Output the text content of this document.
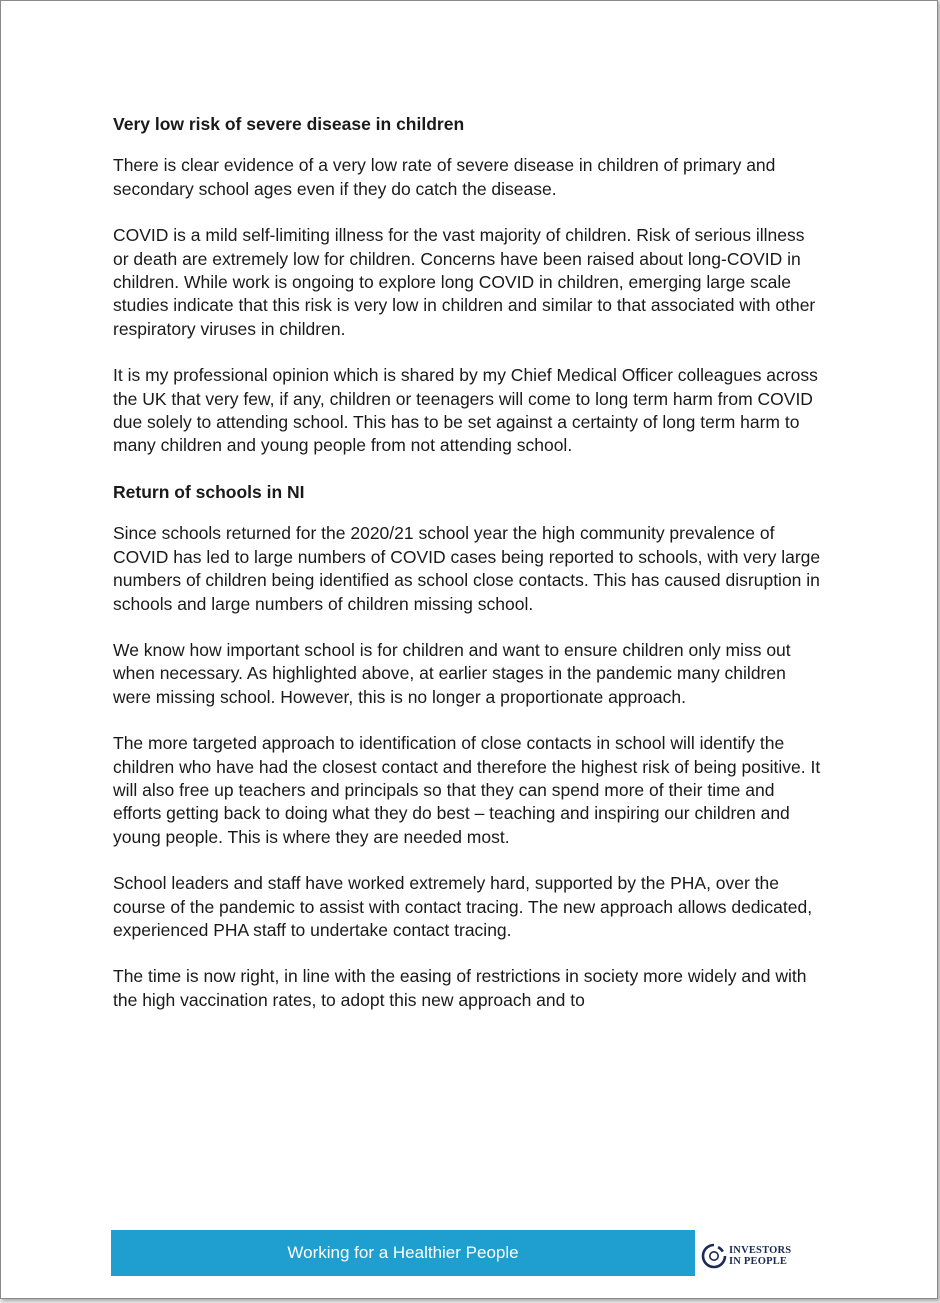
Very low risk of severe disease in children

There is clear evidence of a very low rate of severe disease in children of primary and secondary school ages even if they do catch the disease.

COVID is a mild self-limiting illness for the vast majority of children. Risk of serious illness or death are extremely low for children. Concerns have been raised about long-COVID in children. While work is ongoing to explore long COVID in children, emerging large scale studies indicate that this risk is very low in children and similar to that associated with other respiratory viruses in children.

It is my professional opinion which is shared by my Chief Medical Officer colleagues across the UK that very few, if any, children or teenagers will come to long term harm from COVID due solely to attending school. This has to be set against a certainty of long term harm to many children and young people from not attending school.

Return of schools in NI

Since schools returned for the 2020/21 school year the high community prevalence of COVID has led to large numbers of COVID cases being reported to schools, with very large numbers of children being identified as school close contacts. This has caused disruption in schools and large numbers of children missing school.

We know how important school is for children and want to ensure children only miss out when necessary. As highlighted above, at earlier stages in the pandemic many children were missing school. However, this is no longer a proportionate approach.

The more targeted approach to identification of close contacts in school will identify the children who have had the closest contact and therefore the highest risk of being positive. It will also free up teachers and principals so that they can spend more of their time and efforts getting back to doing what they do best – teaching and inspiring our children and young people. This is where they are needed most.

School leaders and staff have worked extremely hard, supported by the PHA, over the course of the pandemic to assist with contact tracing. The new approach allows dedicated, experienced PHA staff to undertake contact tracing.

The time is now right, in line with the easing of restrictions in society more widely and with the high vaccination rates, to adopt this new approach and to

Working for a Healthier People	INVESTORS
IN PEOPLE
